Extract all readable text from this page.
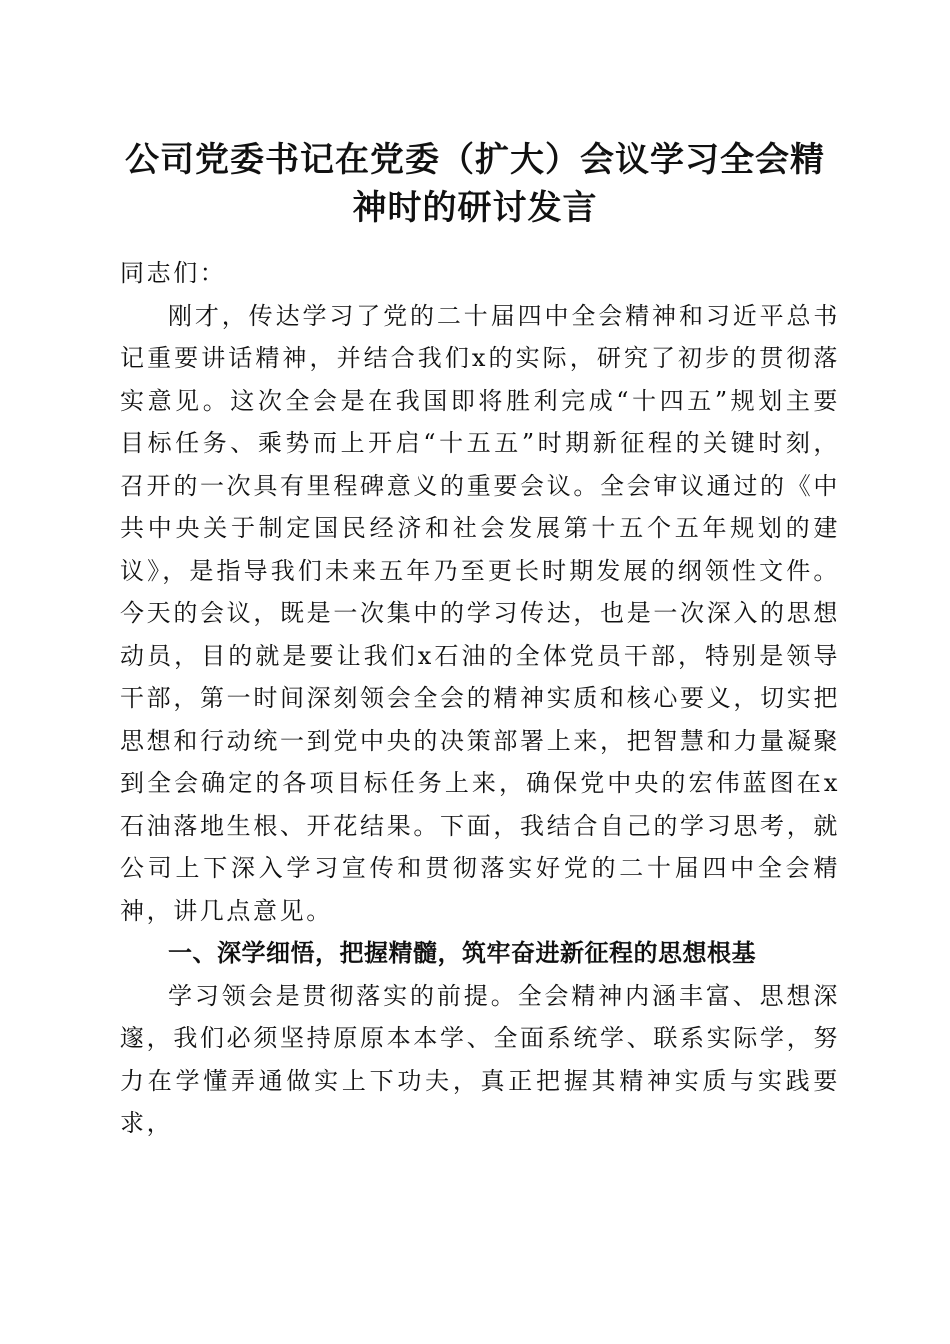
公司党委书记在党委（扩大）会议学习全会精
神时的研讨发言

同志们：

刚才，传达学习了党的二十届四中全会精神和习近平总书记重要讲话精神，并结合我们x的实际，研究了初步的贯彻落实意见。这次全会是在我国即将胜利完成“十四五”规划主要目标任务、乘势而上开启“十五五”时期新征程的关键时刻，召开的一次具有里程碑意义的重要会议。全会审议通过的《中共中央关于制定国民经济和社会发展第十五个五年规划的建议》，是指导我们未来五年乃至更长时期发展的纲领性文件。今天的会议，既是一次集中的学习传达，也是一次深入的思想动员，目的就是要让我们x石油的全体党员干部，特别是领导干部，第一时间深刻领会全会的精神实质和核心要义，切实把思想和行动统一到党中央的决策部署上来，把智慧和力量凝聚到全会确定的各项目标任务上来，确保党中央的宏伟蓝图在x石油落地生根、开花结果。下面，我结合自己的学习思考，就公司上下深入学习宣传和贯彻落实好党的二十届四中全会精神，讲几点意见。

一、深学细悟，把握精髓，筑牢奋进新征程的思想根基

学习领会是贯彻落实的前提。全会精神内涵丰富、思想深邃，我们必须坚持原原本本学、全面系统学、联系实际学，努力在学懂弄通做实上下功夫，真正把握其精神实质与实践要求，
